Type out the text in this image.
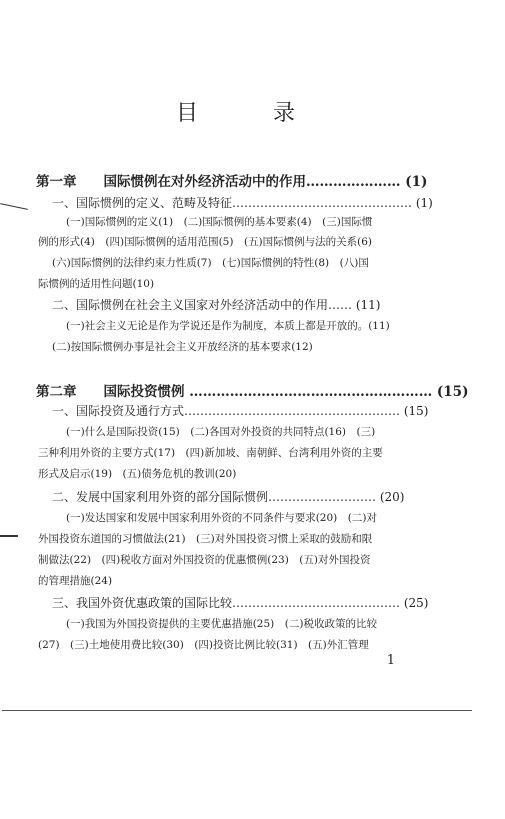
目 录
第一章　　国际惯例在对外经济活动中的作用………………… (1)
一、国际惯例的定义、范畴及特征……………………………………… (1)
(一)国际惯例的定义(1)　(二)国际惯例的基本要素(4)　(三)国际惯
例的形式(4)　(四)国际惯例的适用范围(5)　(五)国际惯例与法的关系(6)
(六)国际惯例的法律约束力性质(7)　(七)国际惯例的特性(8)　(八)国
际惯例的适用性问题(10)
二、国际惯例在社会主义国家对外经济活动中的作用…… (11)
(一)社会主义无论是作为学说还是作为制度，本质上都是开放的。(11)
(二)按国际惯例办事是社会主义开放经济的基本要求(12)
第二章　　国际投资惯例 ……………………………………………… (15)
一、国际投资及通行方式……………………………………………… (15)
(一)什么是国际投资(15)　(二)各国对外投资的共同特点(16)　(三)
三种利用外资的主要方式(17)　(四)新加坡、南朝鲜、台湾利用外资的主要
形式及启示(19)　(五)债务危机的教训(20)
二、发展中国家利用外资的部分国际惯例……………………… (20)
(一)发达国家和发展中国家利用外资的不同条件与要求(20)　(二)对
外国投资东道国的习惯做法(21)　(三)对外国投资习惯上采取的鼓励和限
制做法(22)　(四)税收方面对外国投资的优惠惯例(23)　(五)对外国投资
的管理措施(24)
三、我国外资优惠政策的国际比较…………………………………… (25)
(一)我国为外国投资提供的主要优惠措施(25)　(二)税收政策的比较
(27)　(三)土地使用费比较(30)　(四)投资比例比较(31)　(五)外汇管理
1
